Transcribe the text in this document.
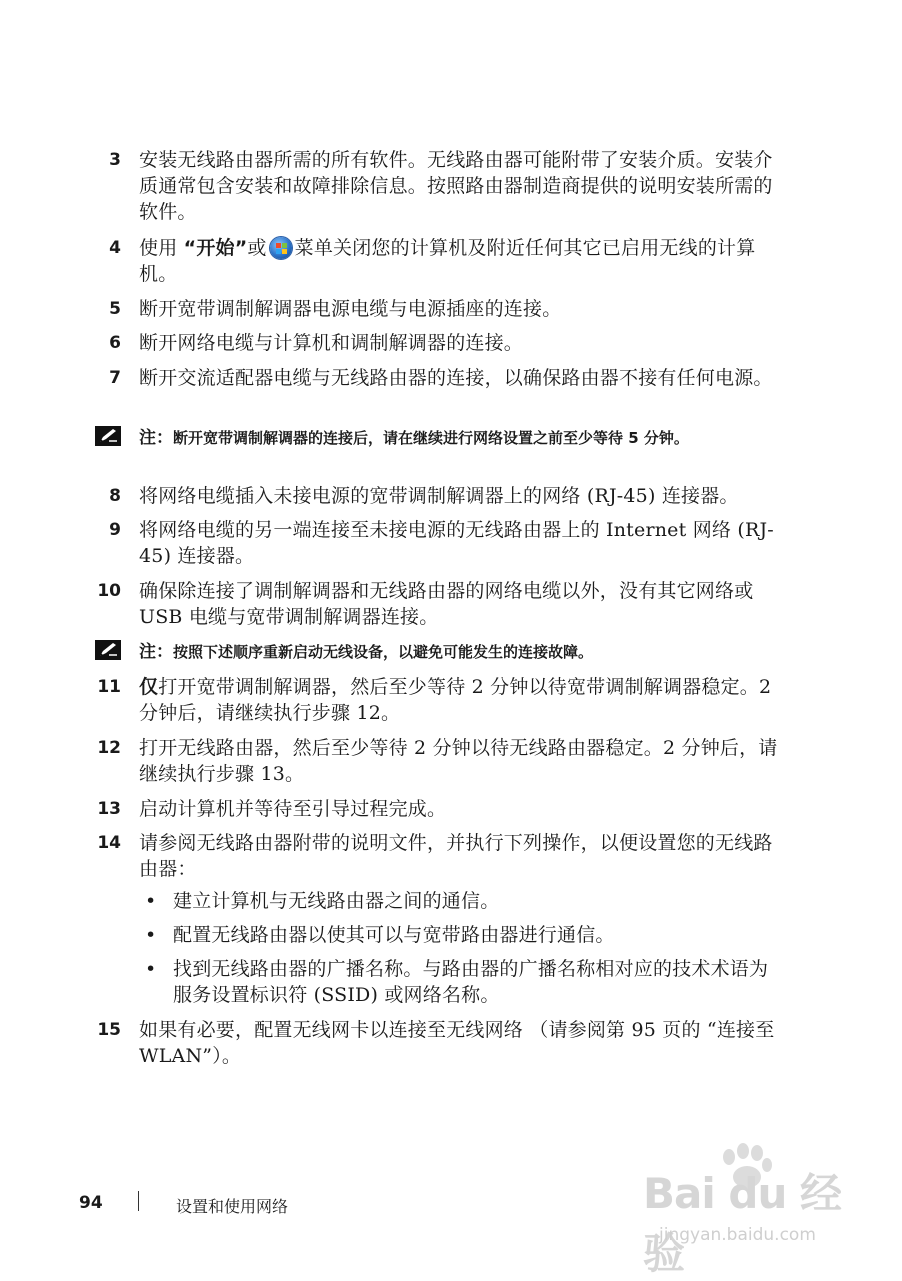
3 安装无线路由器所需的所有软件。无线路由器可能附带了安装介质。安装介质通常包含安装和故障排除信息。按照路由器制造商提供的说明安装所需的软件。
4 使用 “开始”或 菜单关闭您的计算机及附近任何其它已启用无线的计算机。
5 断开宽带调制解调器电源电缆与电源插座的连接。
6 断开网络电缆与计算机和调制解调器的连接。
7 断开交流适配器电缆与无线路由器的连接，以确保路由器不接有任何电源。
注：断开宽带调制解调器的连接后，请在继续进行网络设置之前至少等待 5 分钟。
8 将网络电缆插入未接电源的宽带调制解调器上的网络 (RJ-45) 连接器。
9 将网络电缆的另一端连接至未接电源的无线路由器上的 Internet 网络 (RJ-45) 连接器。
10 确保除连接了调制解调器和无线路由器的网络电缆以外，没有其它网络或 USB 电缆与宽带调制解调器连接。
注：按照下述顺序重新启动无线设备，以避免可能发生的连接故障。
11 仅打开宽带调制解调器，然后至少等待 2 分钟以待宽带调制解调器稳定。2 分钟后，请继续执行步骤 12。
12 打开无线路由器，然后至少等待 2 分钟以待无线路由器稳定。2 分钟后，请继续执行步骤 13。
13 启动计算机并等待至引导过程完成。
14 请参阅无线路由器附带的说明文件，并执行下列操作，以便设置您的无线路由器：
• 建立计算机与无线路由器之间的通信。
• 配置无线路由器以使其可以与宽带路由器进行通信。
• 找到无线路由器的广播名称。与路由器的广播名称相对应的技术术语为服务设置标识符 (SSID) 或网络名称。
15 如果有必要，配置无线网卡以连接至无线网络 （请参阅第 95 页的 “连接至 WLAN”）。
94	设置和使用网络	Bai du 经验
jingyan.baidu.com
